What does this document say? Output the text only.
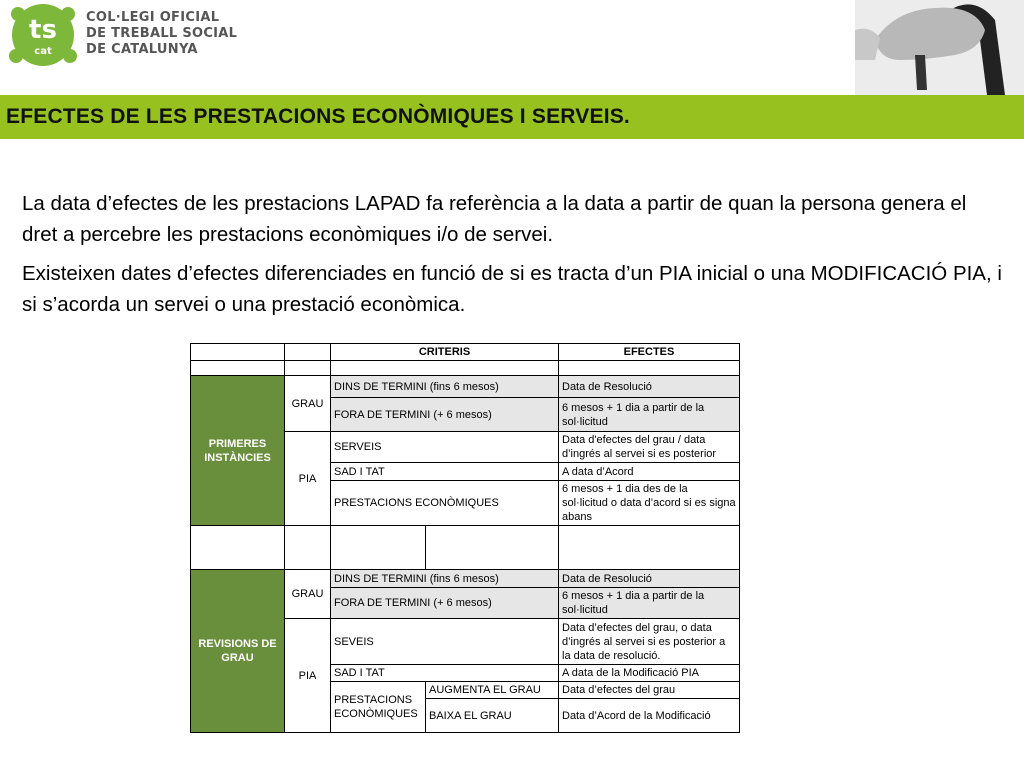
ts
cat
COL·LEGI OFICIAL
DE TREBALL SOCIAL
DE CATALUNYA
EFECTES DE LES PRESTACIONS ECONÒMIQUES I SERVEIS.

La data d’efectes de les prestacions LAPAD fa referència a la data a partir de quan la persona genera el dret a percebre les prestacions econòmiques i/o de servei.

Existeixen dates d’efectes diferenciades en funció de si es tracta d’un PIA inicial o una MODIFICACIÓ PIA, i si s’acorda un servei o una prestació econòmica.

		CRITERIS		EFECTES

PRIMERES INSTÀNCIES	GRAU	DINS DE TERMINI (fins 6 mesos)		Data de Resolució
		FORA DE TERMINI (+ 6 mesos)		6 mesos + 1 dia a partir de la sol·licitud
	PIA	SERVEIS		Data d'efectes del grau / data d’ingrés al servei si es posterior
		SAD I TAT		A data d’Acord
		PRESTACIONS ECONÒMIQUES		6 mesos + 1 dia des de la sol·licitud o data d’acord si es signa abans

REVISIONS DE GRAU	GRAU	DINS DE TERMINI (fins 6 mesos)		Data de Resolució
		FORA DE TERMINI (+ 6 mesos)		6 mesos + 1 dia a partir de la sol·licitud
	PIA	SEVEIS		Data d’efectes del grau, o data d’ingrés al servei si es posterior a la data de resolució.
		SAD I TAT		A data de la Modificació PIA
		PRESTACIONS ECONÒMIQUES	AUGMENTA EL GRAU	Data d’efectes del grau
			BAIXA EL GRAU	Data d’Acord de la Modificació
